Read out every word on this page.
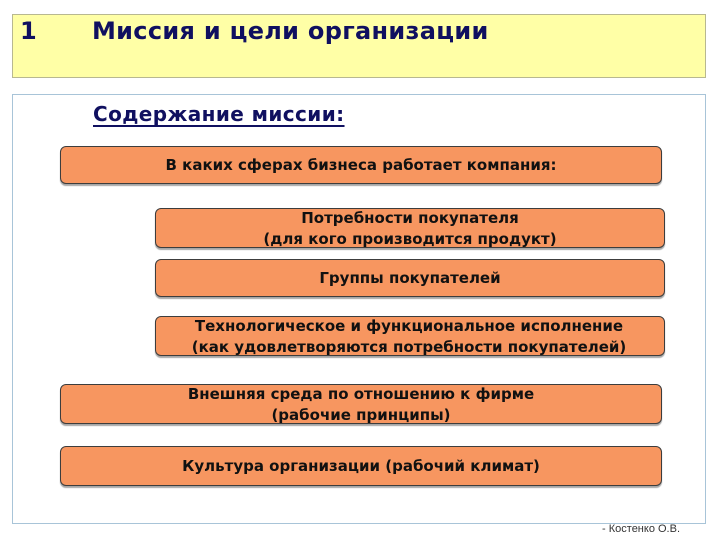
1 Миссия и цели организации
Содержание миссии:
В каких сферах бизнеса работает компания:
Потребности покупателя
(для кого производится продукт)
Группы покупателей
Технологическое и функциональное исполнение
(как удовлетворяются потребности покупателей)
Внешняя среда по отношению к фирме
(рабочие принципы)
Культура организации (рабочий климат)
- Костенко О.В.
